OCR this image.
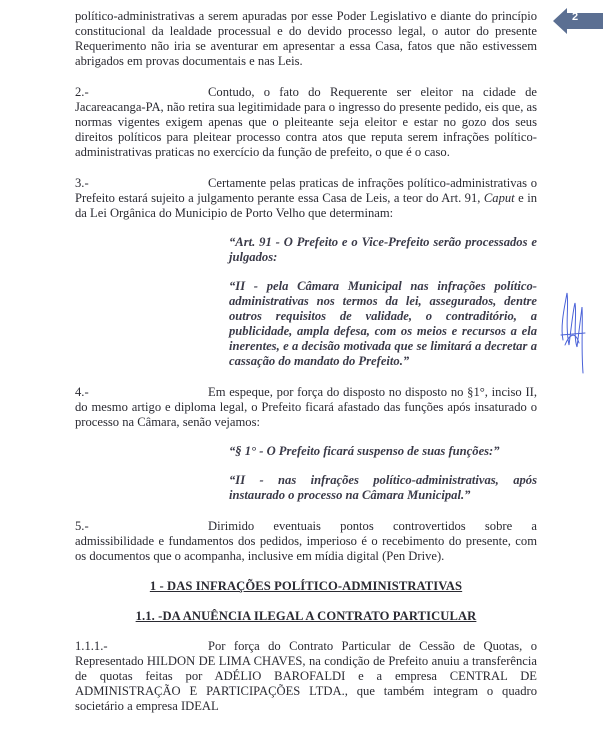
2

político-administrativas a serem apuradas por esse Poder Legislativo e diante do princípio constitucional da lealdade processual e do devido processo legal, o autor do presente Requerimento não iria se aventurar em apresentar a essa Casa, fatos que não estivessem abrigados em provas documentais e nas Leis.

2.-	Contudo, o fato do Requerente ser eleitor na cidade de Jacareacanga-PA, não retira sua legitimidade para o ingresso do presente pedido, eis que, as normas vigentes exigem apenas que o pleiteante seja eleitor e estar no gozo dos seus direitos políticos para pleitear processo contra atos que reputa serem infrações político-administrativas praticas no exercício da função de prefeito, o que é o caso.

3.-	Certamente pelas praticas de infrações político-administrativas o Prefeito estará sujeito a julgamento perante essa Casa de Leis, a teor do Art. 91, Caput e in da Lei Orgânica do Municipio de Porto Velho que determinam:

“Art. 91 - O Prefeito e o Vice-Prefeito serão processados e julgados:

“II - pela Câmara Municipal nas infrações político-administrativas nos termos da lei, assegurados, dentre outros requisitos de validade, o contraditório, a publicidade, ampla defesa, com os meios e recursos a ela inerentes, e a decisão motivada que se limitará a decretar a cassação do mandato do Prefeito.”

4.-	Em espeque, por força do disposto no disposto no §1°, inciso II, do mesmo artigo e diploma legal, o Prefeito ficará afastado das funções após insaturado o processo na Câmara, senão vejamos:

“§ 1° - O Prefeito ficará suspenso de suas funções:”

“II - nas infrações político-administrativas, após instaurado o processo na Câmara Municipal.”

5.-	Dirimido eventuais pontos controvertidos sobre a admissibilidade e fundamentos dos pedidos, imperioso é o recebimento do presente, com os documentos que o acompanha, inclusive em mídia digital (Pen Drive).

1 - DAS INFRAÇÕES POLÍTICO-ADMINISTRATIVAS
1.1. -DA ANUÊNCIA ILEGAL A CONTRATO PARTICULAR

1.1.1.-	Por força do Contrato Particular de Cessão de Quotas, o Representado HILDON DE LIMA CHAVES, na condição de Prefeito anuiu a transferência de quotas feitas por ADÉLIO BAROFALDI e a empresa CENTRAL DE ADMINISTRAÇÃO E PARTICIPAÇÕES LTDA., que também integram o quadro societário a empresa IDEAL
